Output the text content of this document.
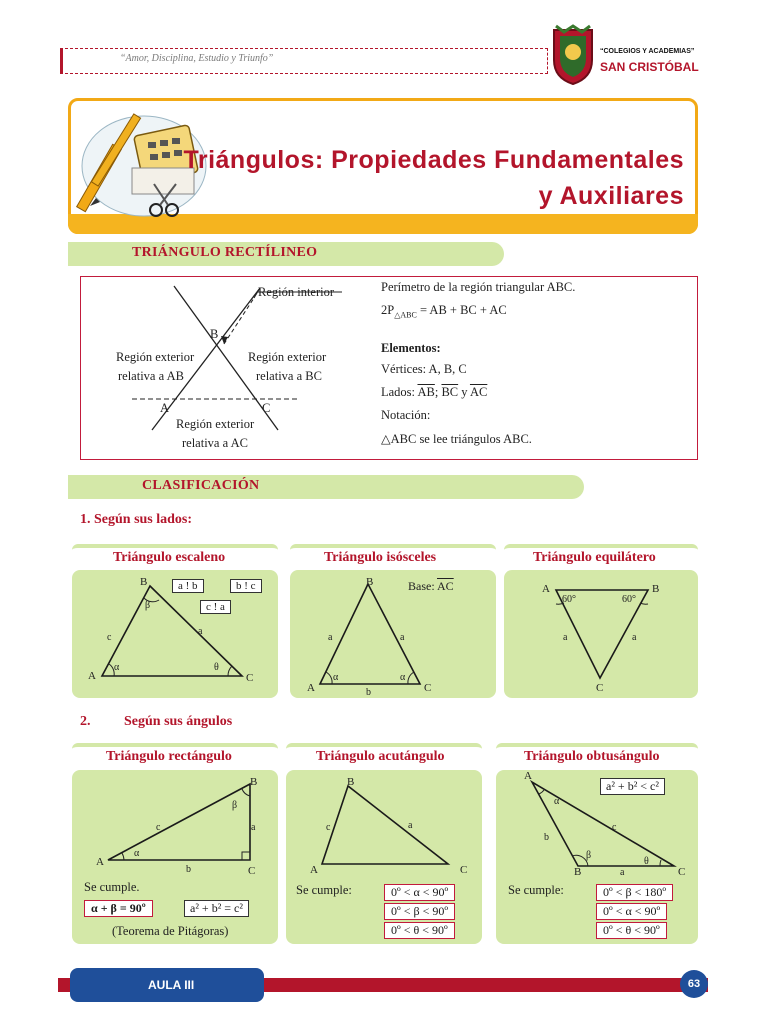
“Amor, Disciplina, Estudio y Triunfo”
“COLEGIOS Y ACADEMIAS”
SAN CRISTÓBAL
Triángulos: Propiedades Fundamentales
y Auxiliares
TRIÁNGULO RECTÍLINEO
Región interior
B
Región exterior
relativa a AB
Región exterior
relativa a BC
A	C
Región exterior
relativa a AC
Perímetro de la región triangular ABC.
$2P_{\triangle ABC}$ = AB + BC + AC
Elementos:
Vértices: A, B, C
Lados: $\overline{AB}$; $\overline{BC}$ y $\overline{AC}$
Notación:
△ABC se lee triángulos ABC.
CLASIFICACIÓN
1. Según sus lados:
Triángulo escaleno
B
A	C
c
a
α
β
θ
a ! b	b ! c
c ! a
Triángulo isósceles
B
A	C
a	a
b
α	α
Base: $\overline{AC}$
Triángulo equilátero
A	B
C
60°	60°
a	a
2. Según sus ángulos
Triángulo rectángulo
B
A
C
c	a
b
α
β
Se cumple.
α + β = 90º	a² + b² = c²
(Teorema de Pitágoras)
Triángulo acutángulo
B
A	C
c	a
Se cumple:	0º < α < 90º
0º < β < 90º
0º < θ < 90º
Triángulo obtusángulo
A
B	C
b
c
a
α
β
θ
a² + b² < c²
Se cumple:	0º < β < 180º
0º < α < 90º
0º < θ < 90º
AULA III	63
